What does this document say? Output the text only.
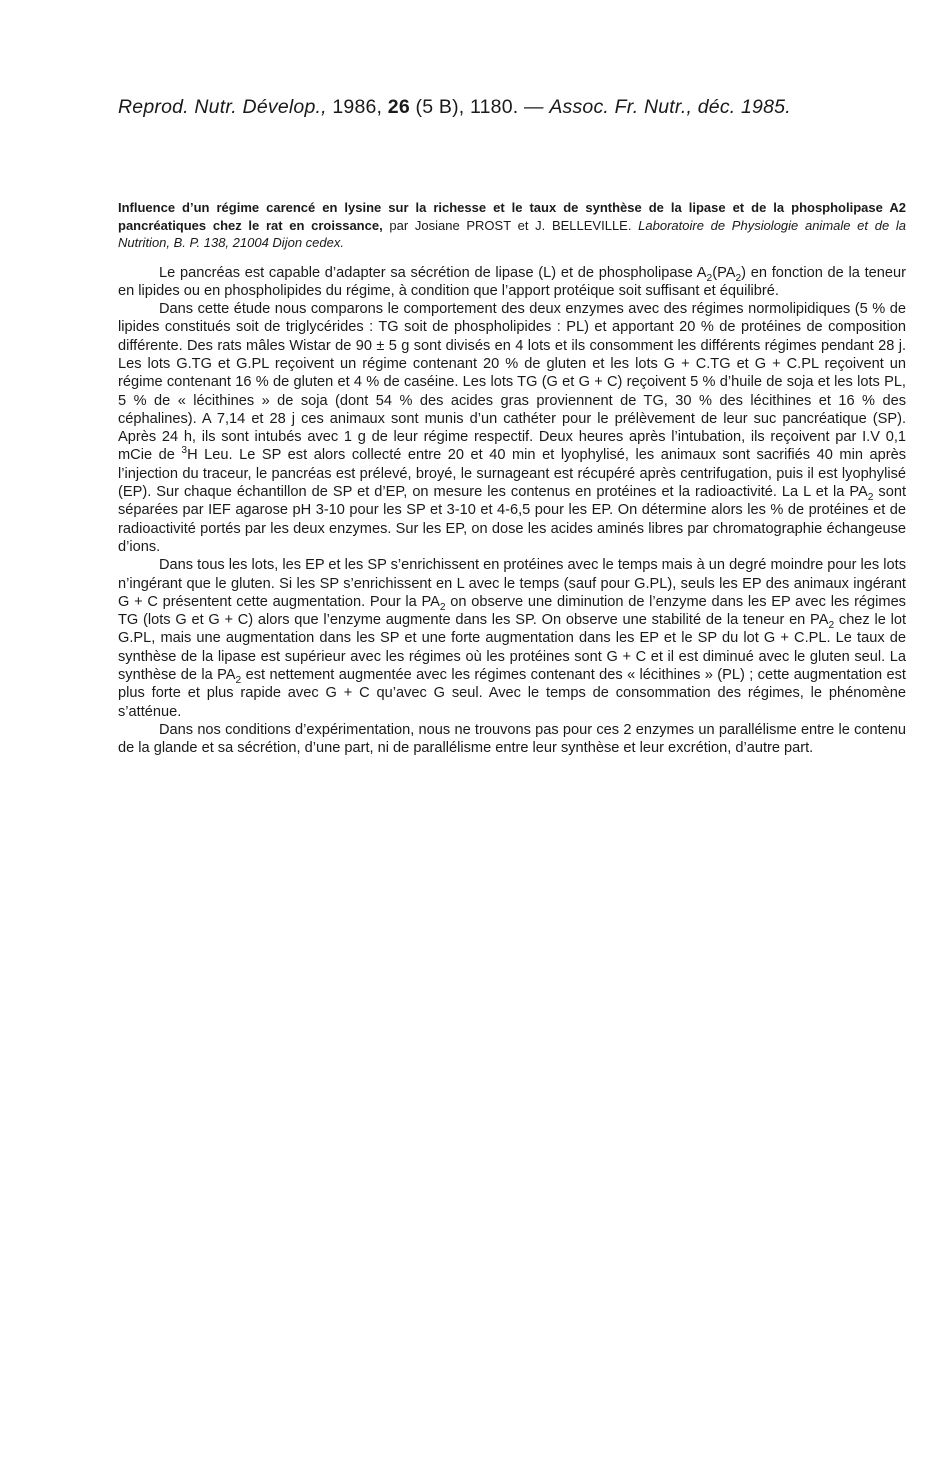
Reprod. Nutr. Dévelop., 1986, 26 (5 B), 1180. — Assoc. Fr. Nutr., déc. 1985.
Influence d’un régime carencé en lysine sur la richesse et le taux de synthèse de la lipase et de la phospholipase A2 pancréatiques chez le rat en croissance, par Josiane PROST et J. BELLEVILLE. Laboratoire de Physiologie animale et de la Nutrition, B. P. 138, 21004 Dijon cedex.

Le pancréas est capable d’adapter sa sécrétion de lipase (L) et de phospholipase $A_2(PA_2)$ en fonction de la teneur en lipides ou en phospholipides du régime, à condition que l’apport protéique soit suffisant et équilibré.

Dans cette étude nous comparons le comportement des deux enzymes avec des régimes normolipidiques (5 % de lipides constitués soit de triglycérides : TG soit de phospholipides : PL) et apportant 20 % de protéines de composition différente. Des rats mâles Wistar de 90 ± 5 g sont divisés en 4 lots et ils consomment les différents régimes pendant 28 j. Les lots G.TG et G.PL reçoivent un régime contenant 20 % de gluten et les lots G + C.TG et G + C.PL reçoivent un régime contenant 16 % de gluten et 4 % de caséine. Les lots TG (G et G + C) reçoivent 5 % d’huile de soja et les lots PL, 5 % de « lécithines » de soja (dont 54 % des acides gras proviennent de TG, 30 % des lécithines et 16 % des céphalines). A 7,14 et 28 j ces animaux sont munis d’un cathéter pour le prélèvement de leur suc pancréatique (SP). Après 24 h, ils sont intubés avec 1 g de leur régime respectif. Deux heures après l’intubation, ils reçoivent par I.V 0,1 mCie de $^3$H Leu. Le SP est alors collecté entre 20 et 40 min et lyophylisé, les animaux sont sacrifiés 40 min après l’injection du traceur, le pancréas est prélevé, broyé, le surnageant est récupéré après centrifugation, puis il est lyophylisé (EP). Sur chaque échantillon de SP et d’EP, on mesure les contenus en protéines et la radioactivité. La L et la $PA_2$ sont séparées par IEF agarose pH 3-10 pour les SP et 3-10 et 4-6,5 pour les EP. On détermine alors les % de protéines et de radioactivité portés par les deux enzymes. Sur les EP, on dose les acides aminés libres par chromatographie échangeuse d’ions.

Dans tous les lots, les EP et les SP s’enrichissent en protéines avec le temps mais à un degré moindre pour les lots n’ingérant que le gluten. Si les SP s’enrichissent en L avec le temps (sauf pour G.PL), seuls les EP des animaux ingérant G + C présentent cette augmentation. Pour la $PA_2$ on observe une diminution de l’enzyme dans les EP avec les régimes TG (lots G et G + C) alors que l’enzyme augmente dans les SP. On observe une stabilité de la teneur en $PA_2$ chez le lot G.PL, mais une augmentation dans les SP et une forte augmentation dans les EP et le SP du lot G + C.PL. Le taux de synthèse de la lipase est supérieur avec les régimes où les protéines sont G + C et il est diminué avec le gluten seul. La synthèse de la $PA_2$ est nettement augmentée avec les régimes contenant des « lécithines » (PL) ; cette augmentation est plus forte et plus rapide avec G + C qu’avec G seul. Avec le temps de consommation des régimes, le phénomène s’atténue.

Dans nos conditions d’expérimentation, nous ne trouvons pas pour ces 2 enzymes un parallélisme entre le contenu de la glande et sa sécrétion, d’une part, ni de parallélisme entre leur synthèse et leur excrétion, d’autre part.
